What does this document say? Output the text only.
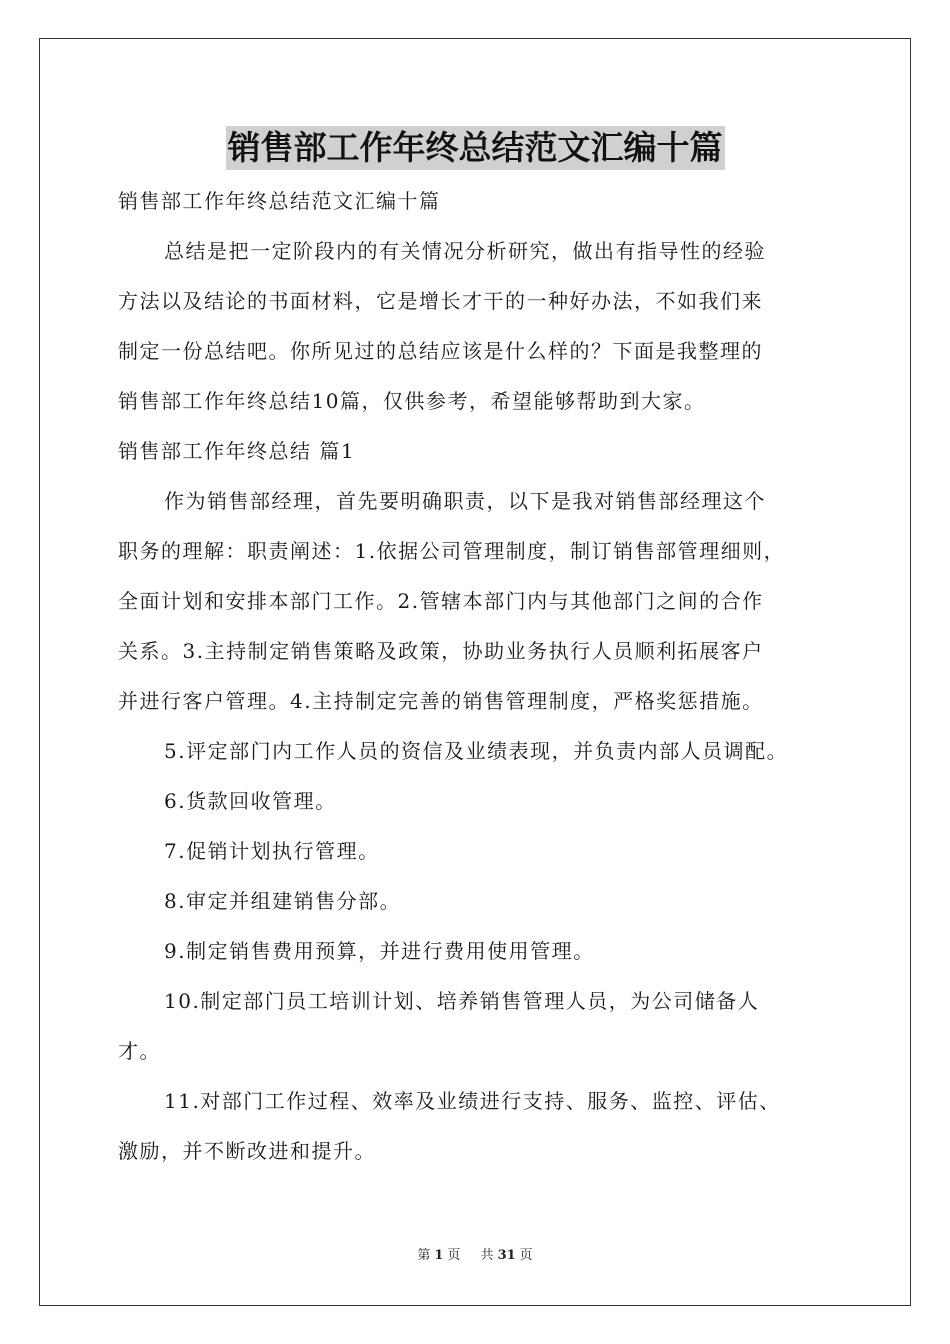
销售部工作年终总结范文汇编十篇
销售部工作年终总结范文汇编十篇
总结是把一定阶段内的有关情况分析研究，做出有指导性的经验
方法以及结论的书面材料，它是增长才干的一种好办法，不如我们来
制定一份总结吧。你所见过的总结应该是什么样的？下面是我整理的
销售部工作年终总结10篇，仅供参考，希望能够帮助到大家。
销售部工作年终总结 篇1
作为销售部经理，首先要明确职责，以下是我对销售部经理这个
职务的理解：职责阐述：1.依据公司管理制度，制订销售部管理细则，
全面计划和安排本部门工作。2.管辖本部门内与其他部门之间的合作
关系。3.主持制定销售策略及政策，协助业务执行人员顺利拓展客户
并进行客户管理。4.主持制定完善的销售管理制度，严格奖惩措施。
5.评定部门内工作人员的资信及业绩表现，并负责内部人员调配。
6.货款回收管理。
7.促销计划执行管理。
8.审定并组建销售分部。
9.制定销售费用预算，并进行费用使用管理。
10.制定部门员工培训计划、培养销售管理人员，为公司储备人
才。
11.对部门工作过程、效率及业绩进行支持、服务、监控、评估、
激励，并不断改进和提升。
第 1 页 共 31 页
